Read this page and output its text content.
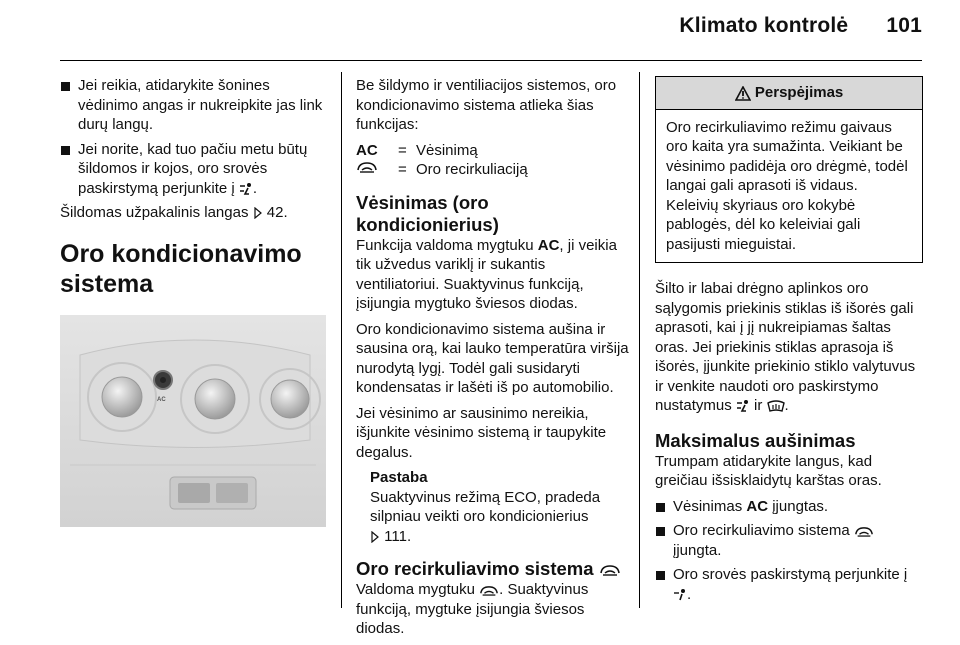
Klimato kontrolė 101
Jei reikia, atidarykite šonines vėdinimo angas ir nukreipkite jas link durų langų.
Jei norite, kad tuo pačiu metu būtų šildomos ir kojos, oro srovės paskirstymą perjunkite į .

Šildomas užpakalinis langas 42.

Oro kondicionavimo sistema
AC

Be šildymo ir ventiliacijos sistemos, oro kondicionavimo sistema atlieka šias funkcijas:

AC	= Vėsinimą
= Oro recirkuliaciją
Vėsinimas (oro kondicionierius)

Funkcija valdoma mygtuku AC, ji veikia tik užvedus variklį ir sukantis ventiliatoriui. Suaktyvinus funkciją, įsijungia mygtuko šviesos diodas.

Oro kondicionavimo sistema aušina ir sausina orą, kai lauko temperatūra viršija nurodytą lygį. Todėl gali susidaryti kondensatas ir lašėti iš po automobilio.

Jei vėsinimo ar sausinimo nereikia, išjunkite vėsinimo sistemą ir taupykite degalus.

Pastaba
Suaktyvinus režimą ECO, pradeda silpniau veikti oro kondicionierius
111.
Oro recirkuliavimo sistema

Valdoma mygtuku . Suaktyvinus funkciją, mygtuke įsijungia šviesos diodas.

Perspėjimas
Oro recirkuliavimo režimu gaivaus oro kaita yra sumažinta. Veikiant be vėsinimo padidėja oro drėgmė, todėl langai gali aprasoti iš vidaus. Keleivių skyriaus oro kokybė pablogės, dėl ko keleiviai gali pasijusti mieguistai.

Šilto ir labai drėgno aplinkos oro sąlygomis priekinis stiklas iš išorės gali aprasoti, kai į jį nukreipiamas šaltas oras. Jei priekinis stiklas aprasoja iš išorės, įjunkite priekinio stiklo valytuvus ir venkite naudoti oro paskirstymo nustatymus ir .

Maksimalus aušinimas

Trumpam atidarykite langus, kad greičiau išsisklaidytų karštas oras.

Vėsinimas AC įjungtas.
Oro recirkuliavimo sistema
įjungta.
Oro srovės paskirstymą perjunkite į
.
